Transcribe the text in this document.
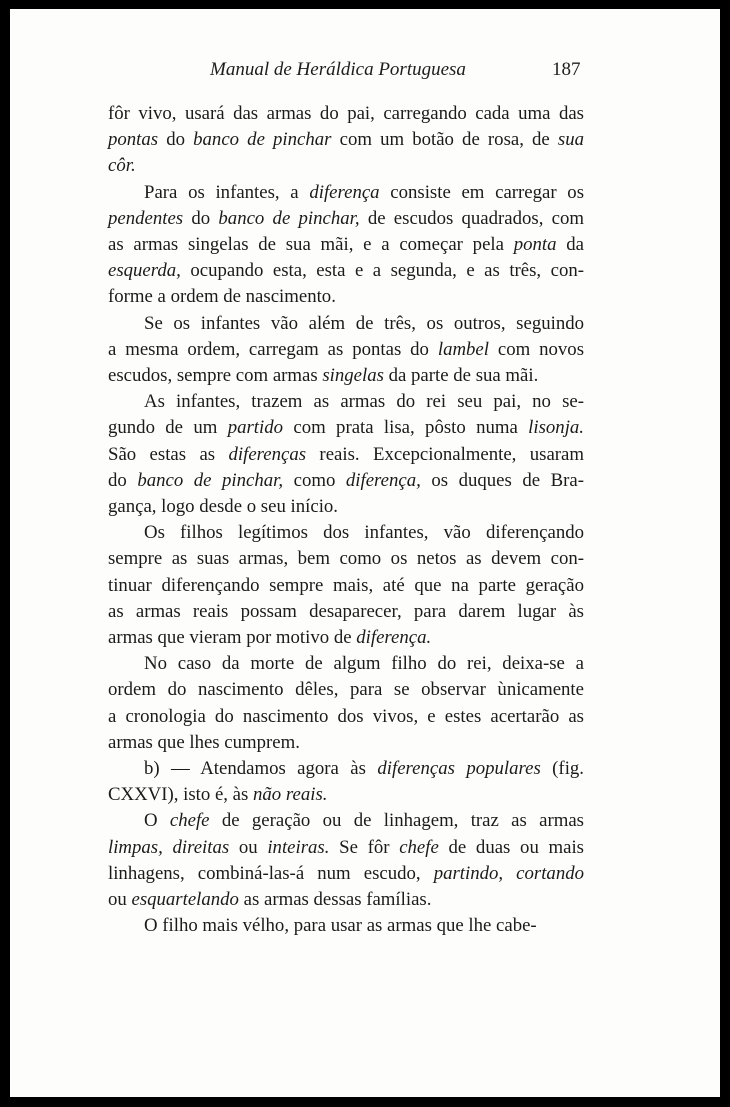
Manual de Heráldica Portuguesa	187
fôr vivo, usará das armas do pai, carregando cada uma das
pontas do banco de pinchar com um botão de rosa, de sua
côr.
Para os infantes, a diferença consiste em carregar os
pendentes do banco de pinchar, de escudos quadrados, com
as armas singelas de sua mãi, e a começar pela ponta da
esquerda, ocupando esta, esta e a segunda, e as três, con-
forme a ordem de nascimento.
Se os infantes vão além de três, os outros, seguindo
a mesma ordem, carregam as pontas do lambel com novos
escudos, sempre com armas singelas da parte de sua mãi.
As infantes, trazem as armas do rei seu pai, no se-
gundo de um partido com prata lisa, pôsto numa lisonja.
São estas as diferenças reais. Excepcionalmente, usaram
do banco de pinchar, como diferença, os duques de Bra-
gança, logo desde o seu início.
Os filhos legítimos dos infantes, vão diferençando
sempre as suas armas, bem como os netos as devem con-
tinuar diferençando sempre mais, até que na parte geração
as armas reais possam desaparecer, para darem lugar às
armas que vieram por motivo de diferença.
No caso da morte de algum filho do rei, deixa-se a
ordem do nascimento dêles, para se observar ùnicamente
a cronologia do nascimento dos vivos, e estes acertarão as
armas que lhes cumprem.
b) — Atendamos agora às diferenças populares (fig.
CXXVI), isto é, às não reais.
O chefe de geração ou de linhagem, traz as armas
limpas, direitas ou inteiras. Se fôr chefe de duas ou mais
linhagens, combiná-las-á num escudo, partindo, cortando
ou esquartelando as armas dessas famílias.
O filho mais vélho, para usar as armas que lhe cabe-
